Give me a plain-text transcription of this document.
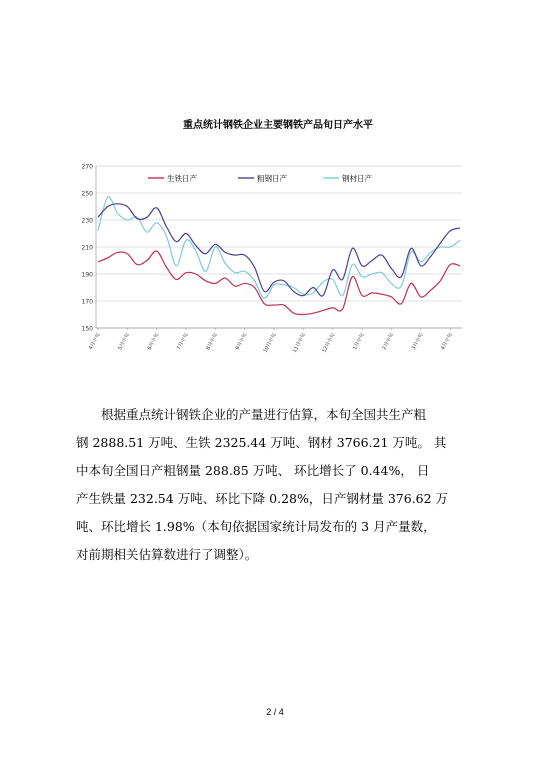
重点统计钢铁企业主要钢铁产品旬日产水平
150
170
190
210
230
250
270
4月中旬	5月中旬	6月中旬	7月中旬	8月中旬	9月中旬	10月中旬	11月中旬	12月中旬	1月中旬	2月中旬	3月中旬	4月中旬
生铁日产	粗钢日产	钢材日产
根据重点统计钢铁企业的产量进行估算，本旬全国共生产粗
钢 2888.51 万吨、生铁 2325.44 万吨、钢材 3766.21 万吨。 其
中本旬全国日产粗钢量 288.85 万吨、 环比增长了 0.44%， 日
产生铁量 232.54 万吨、环比下降 0.28%，日产钢材量 376.62 万
吨、环比增长 1.98%（本旬依据国家统计局发布的 3 月产量数，
对前期相关估算数进行了调整）。
2 / 4
